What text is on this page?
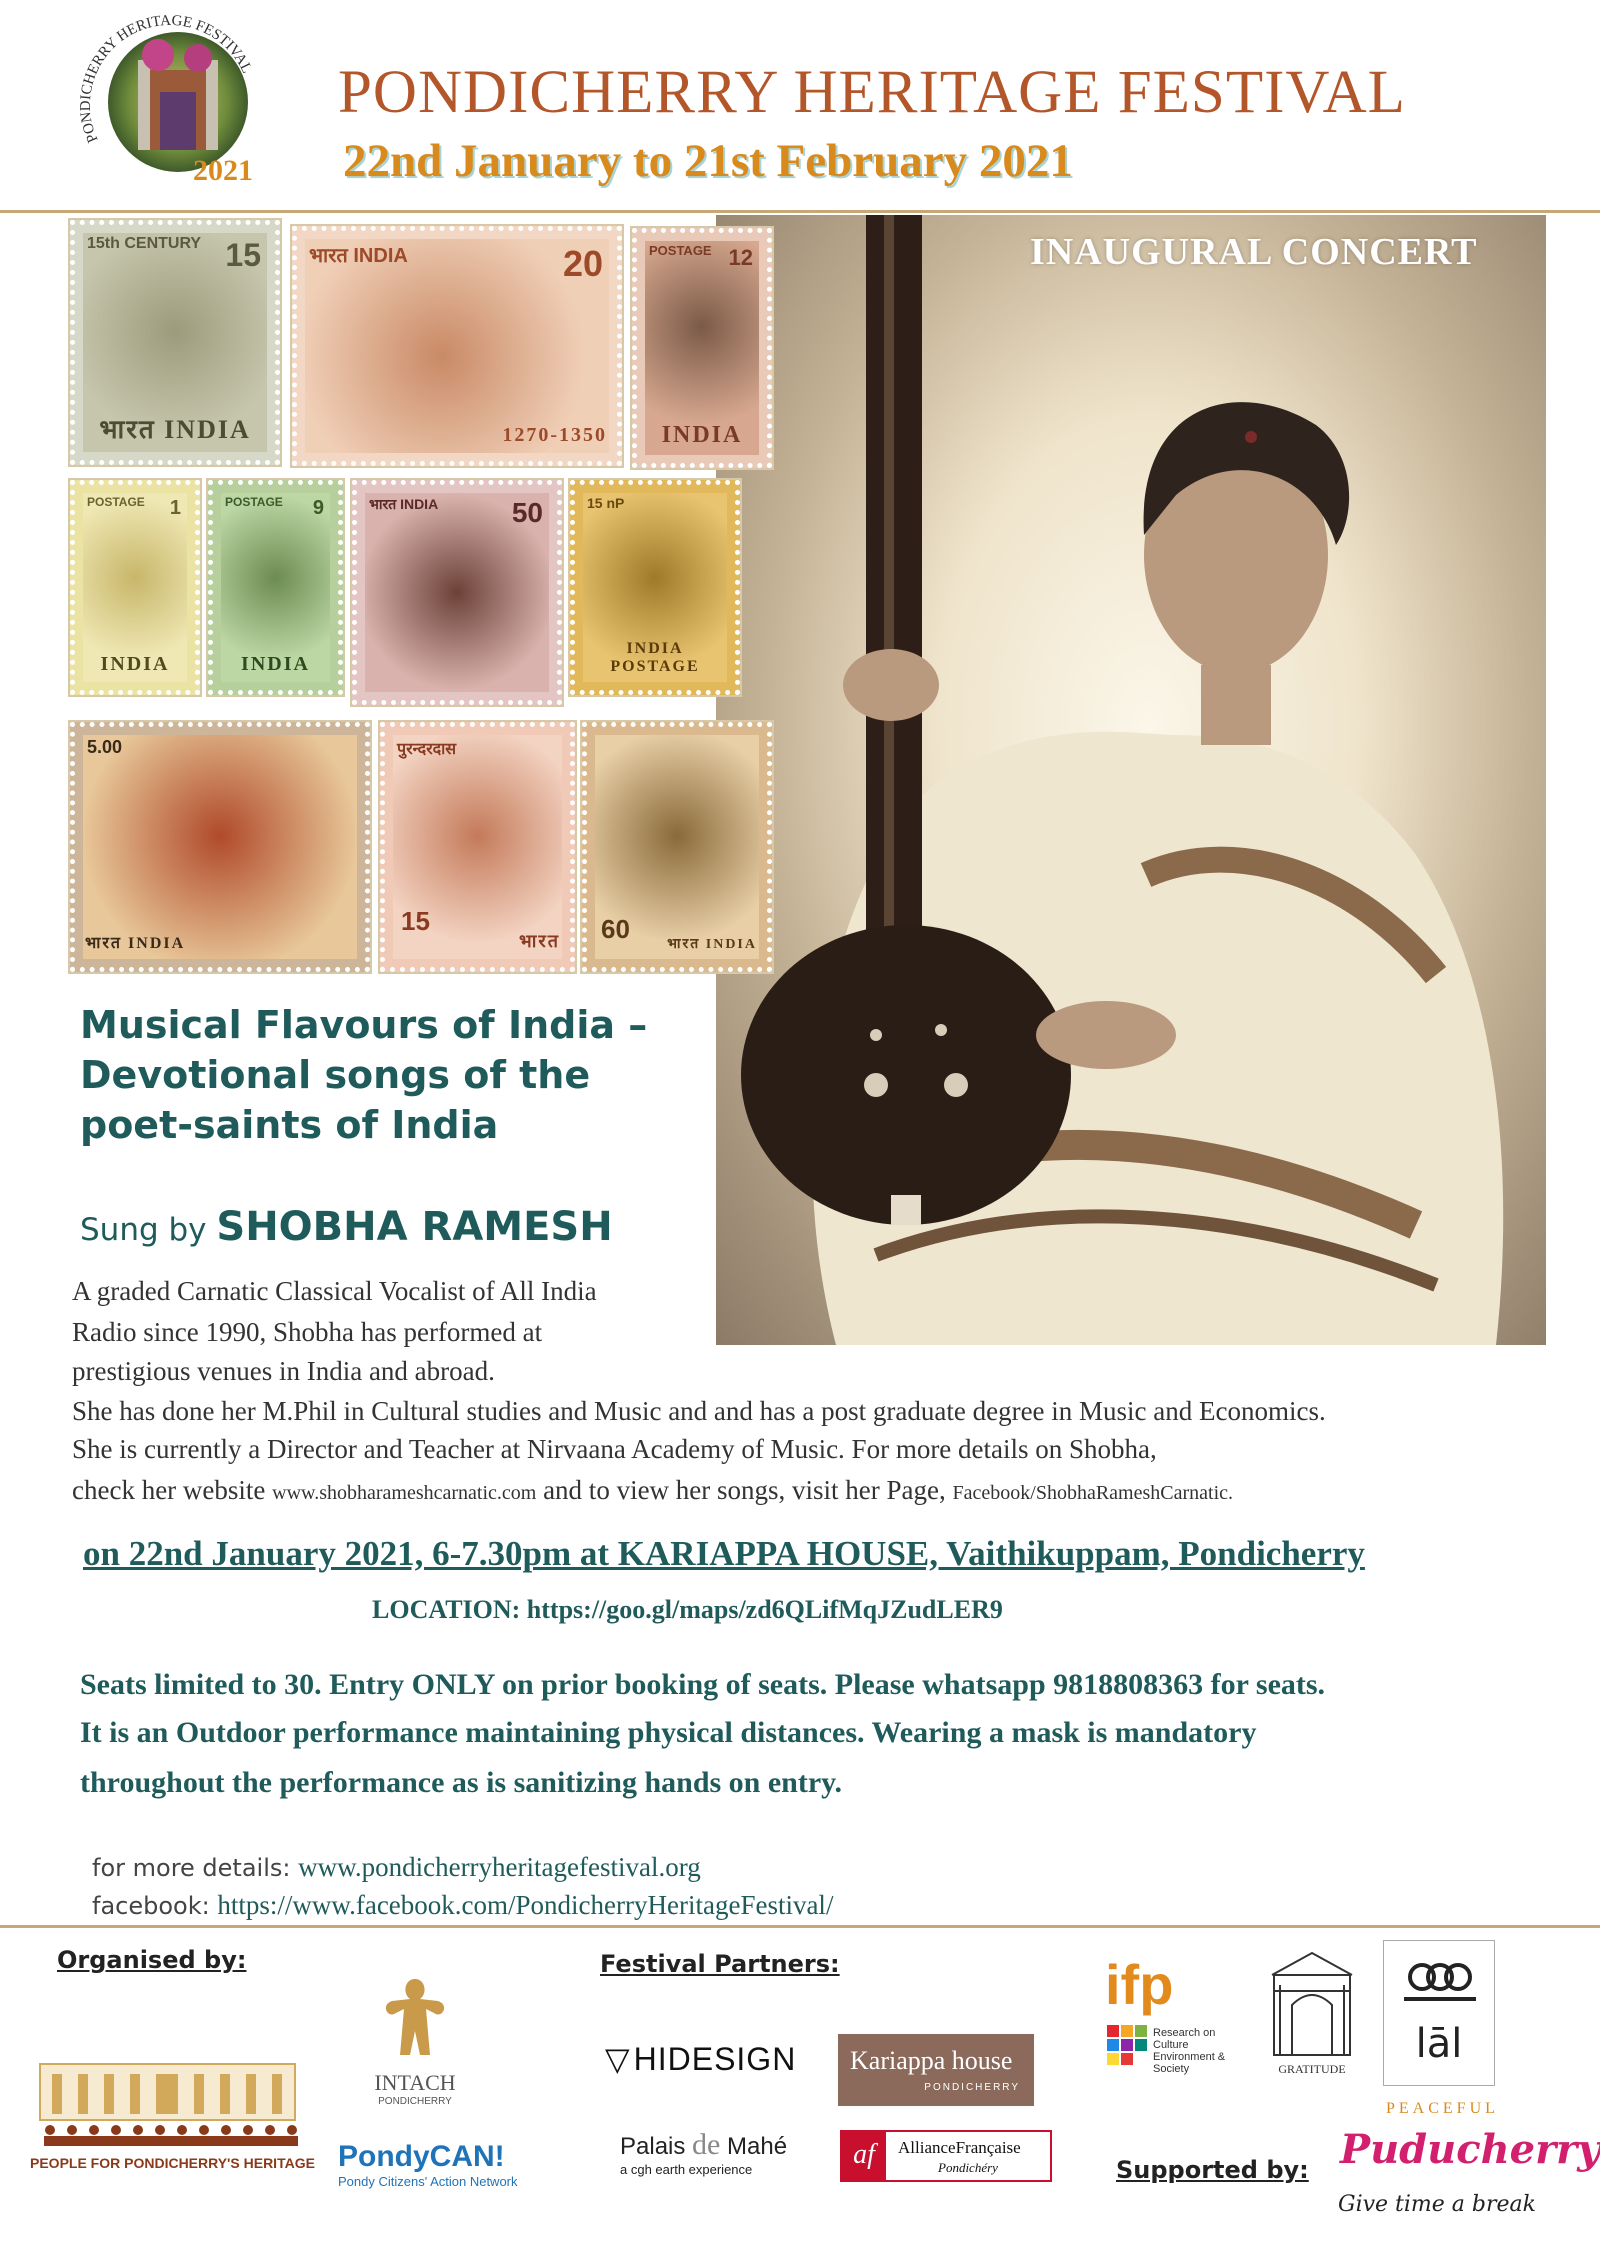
PONDICHERRY HERITAGE FESTIVAL
2021
PONDICHERRY HERITAGE FESTIVAL
22nd January to 21st February 2021
INAUGURAL CONCERT
15th CENTURY 15
भारत INDIA
भारत INDIA	20
1270-1350
POSTAGE 12
INDIA
POSTAGE 1
INDIA
POSTAGE 9
INDIA
भारत INDIA	50	15 nP
INDIA POSTAGE
5.00
भारत INDIA
पुरन्दरदास
15
भारत 60
भारत INDIA
Musical Flavours of India –
Devotional songs of the
poet-saints of India
Sung by SHOBHA RAMESH
A graded Carnatic Classical Vocalist of All India
Radio since 1990, Shobha has performed at
prestigious venues in India and abroad.
She has done her M.Phil in Cultural studies and Music and and has a post graduate degree in Music and Economics.
She is currently a Director and Teacher at Nirvaana Academy of Music. For more details on Shobha,
check her website www.shobharameshcarnatic.com and to view her songs, visit her Page, Facebook/ShobhaRameshCarnatic.
on 22nd January 2021, 6-7.30pm at KARIAPPA HOUSE, Vaithikuppam, Pondicherry
LOCATION: https://goo.gl/maps/zd6QLifMqJZudLER9
Seats limited to 30. Entry ONLY on prior booking of seats. Please whatsapp 9818808363 for seats.
It is an Outdoor performance maintaining physical distances. Wearing a mask is mandatory
throughout the performance as is sanitizing hands on entry.
for more details: www.pondicherryheritagefestival.org
facebook: https://www.facebook.com/PondicherryHeritageFestival/
Organised by:	Festival Partners:
Supported by:
PEOPLE FOR PONDICHERRY'S HERITAGE
INTACH
PONDICHERRY
PondyCAN!
Pondy Citizens' Action Network
▽ HIDESIGN	Kariappa house
PONDICHERRY
Palais de Mahé
a cgh earth experience	af	AllianceFrançaise
Pondichéry
ifp
Research on Culture Environment & Society	GRATITUDE
lāl
PEACEFUL
Puducherry
Give time a break
